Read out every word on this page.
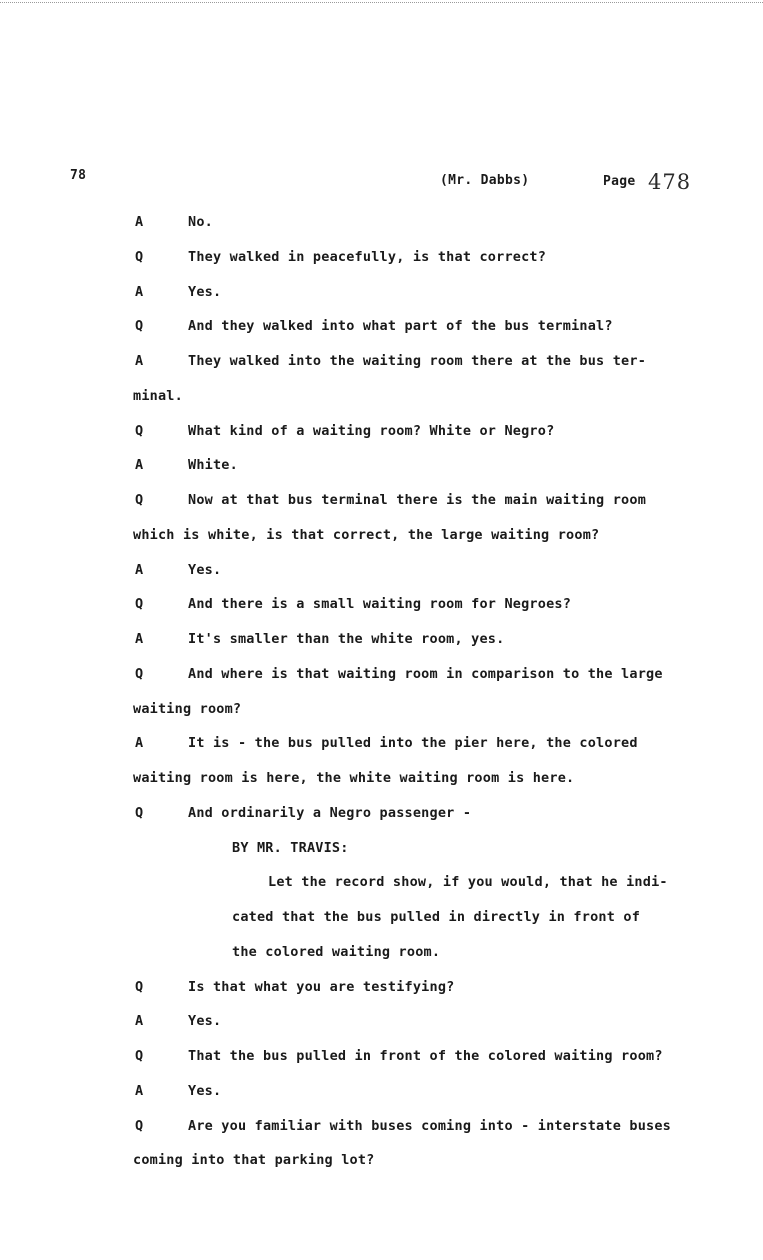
78	(Mr. Dabbs)	Page 478
A	No.
Q	They walked in peacefully, is that correct?
A	Yes.
Q	And they walked into what part of the bus terminal?
A	They walked into the waiting room there at the bus ter-
minal.
Q	What kind of a waiting room? White or Negro?
A	White.
Q	Now at that bus terminal there is the main waiting room
which is white, is that correct, the large waiting room?
A	Yes.
Q	And there is a small waiting room for Negroes?
A	It's smaller than the white room, yes.
Q	And where is that waiting room in comparison to the large
waiting room?
A	It is - the bus pulled into the pier here, the colored
waiting room is here, the white waiting room is here.
Q	And ordinarily a Negro passenger -
BY MR. TRAVIS:
Let the record show, if you would, that he indi-
cated that the bus pulled in directly in front of
the colored waiting room.
Q	Is that what you are testifying?
A	Yes.
Q	That the bus pulled in front of the colored waiting room?
A	Yes.
Q	Are you familiar with buses coming into - interstate buses
coming into that parking lot?
